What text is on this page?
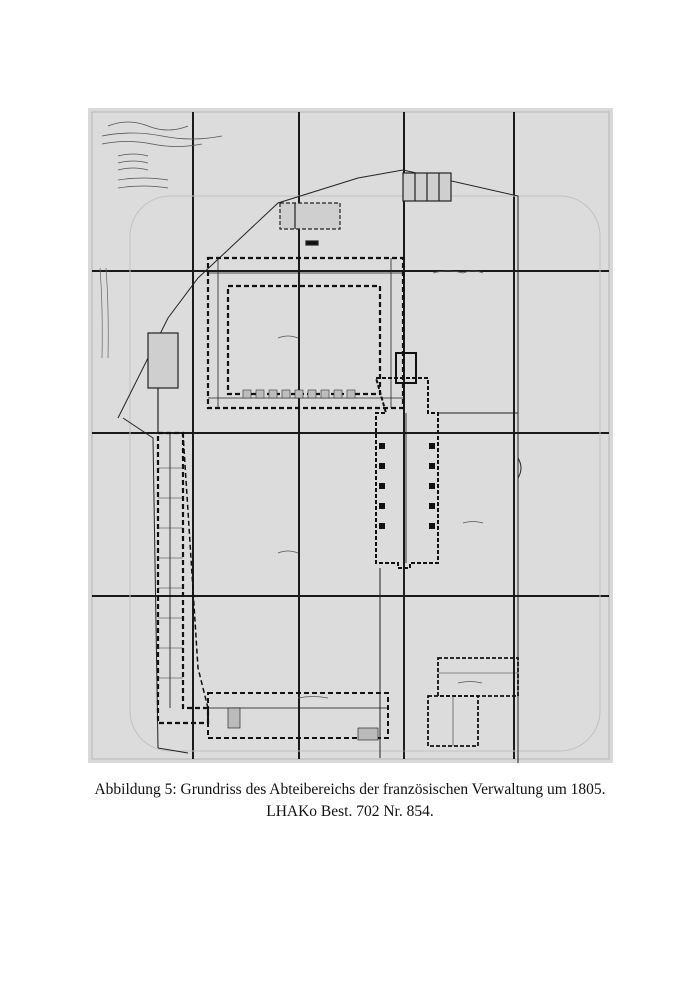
Abbildung 5: Grundriss des Abteibereichs der französischen Verwaltung um 1805.
LHAKo Best. 702 Nr. 854.
